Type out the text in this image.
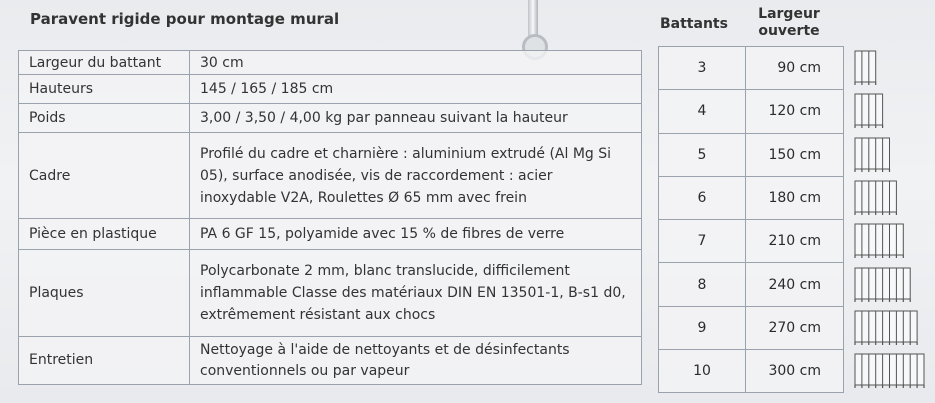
Paravent rigide pour montage mural
Largeur du battant	30 cm
Hauteurs	145 / 165 / 185 cm
Poids	3,00 / 3,50 / 4,00 kg par panneau suivant la hauteur
Cadre	Profilé du cadre et charnière : aluminium extrudé (Al Mg Si 05), surface anodisée, vis de raccordement : acier inoxydable V2A, Roulettes Ø 65 mm avec frein
Pièce en plastique	PA 6 GF 15, polyamide avec 15 % de fibres de verre
Plaques	Polycarbonate 2 mm, blanc translucide, difficilement inflammable Classe des matériaux DIN EN 13501-1, B-s1 d0, extrêmement résistant aux chocs
Entretien	Nettoyage à l'aide de nettoyants et de désinfectants conventionnels ou par vapeur
Battants
Largeur ouverte
3	90 cm
4	120 cm
5	150 cm
6	180 cm
7	210 cm
8	240 cm
9	270 cm
10	300 cm
